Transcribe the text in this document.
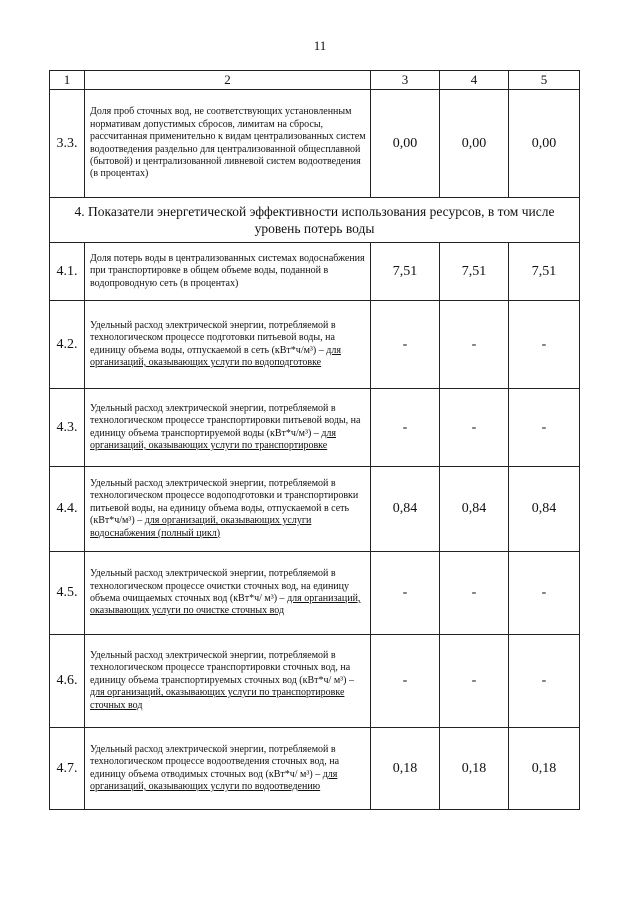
11
1	2	3	4	5
3.3.	Доля проб сточных вод, не соответствующих установленным нормативам допустимых сбросов, лимитам на сбросы, рассчитанная применительно к видам централизованных систем водоотведения раздельно для централизованной общесплавной (бытовой) и централизованной ливневой систем водоотведения (в процентах)	0,00	0,00	0,00
4. Показатели энергетической эффективности использования ресурсов, в том числе уровень потерь воды				
4.1.	Доля потерь воды в централизованных системах водоснабжения при транспортировке в общем объеме воды, поданной в водопроводную сеть (в процентах)	7,51	7,51	7,51
4.2.	Удельный расход электрической энергии, потребляемой в технологическом процессе подготовки питьевой воды, на единицу объема воды, отпускаемой в сеть (кВт*ч/м³) – для организаций, оказывающих услуги по водоподготовке	-	-	-
4.3.	Удельный расход электрической энергии, потребляемой в технологическом процессе транспортировки питьевой воды, на единицу объема транспортируемой воды (кВт*ч/м³) – для организаций, оказывающих услуги по транспортировке	-	-	-
4.4.	Удельный расход электрической энергии, потребляемой в технологическом процессе водоподготовки и транспортировки питьевой воды, на единицу объема воды, отпускаемой в сеть (кВт*ч/м³) – для организаций, оказывающих услуги водоснабжения (полный цикл)	0,84	0,84	0,84
4.5.	Удельный расход электрической энергии, потребляемой в технологическом процессе очистки сточных вод, на единицу объема очищаемых сточных вод (кВт*ч/ м³) – для организаций, оказывающих услуги по очистке сточных вод	-	-	-
4.6.	Удельный расход электрической энергии, потребляемой в технологическом процессе транспортировки сточных вод, на единицу объема транспортируемых сточных вод (кВт*ч/ м³) – для организаций, оказывающих услуги по транспортировке сточных вод	-	-	-
4.7.	Удельный расход электрической энергии, потребляемой в технологическом процессе водоотведения сточных вод, на единицу объема отводимых сточных вод (кВт*ч/ м³) – для организаций, оказывающих услуги по водоотведению	0,18	0,18	0,18
